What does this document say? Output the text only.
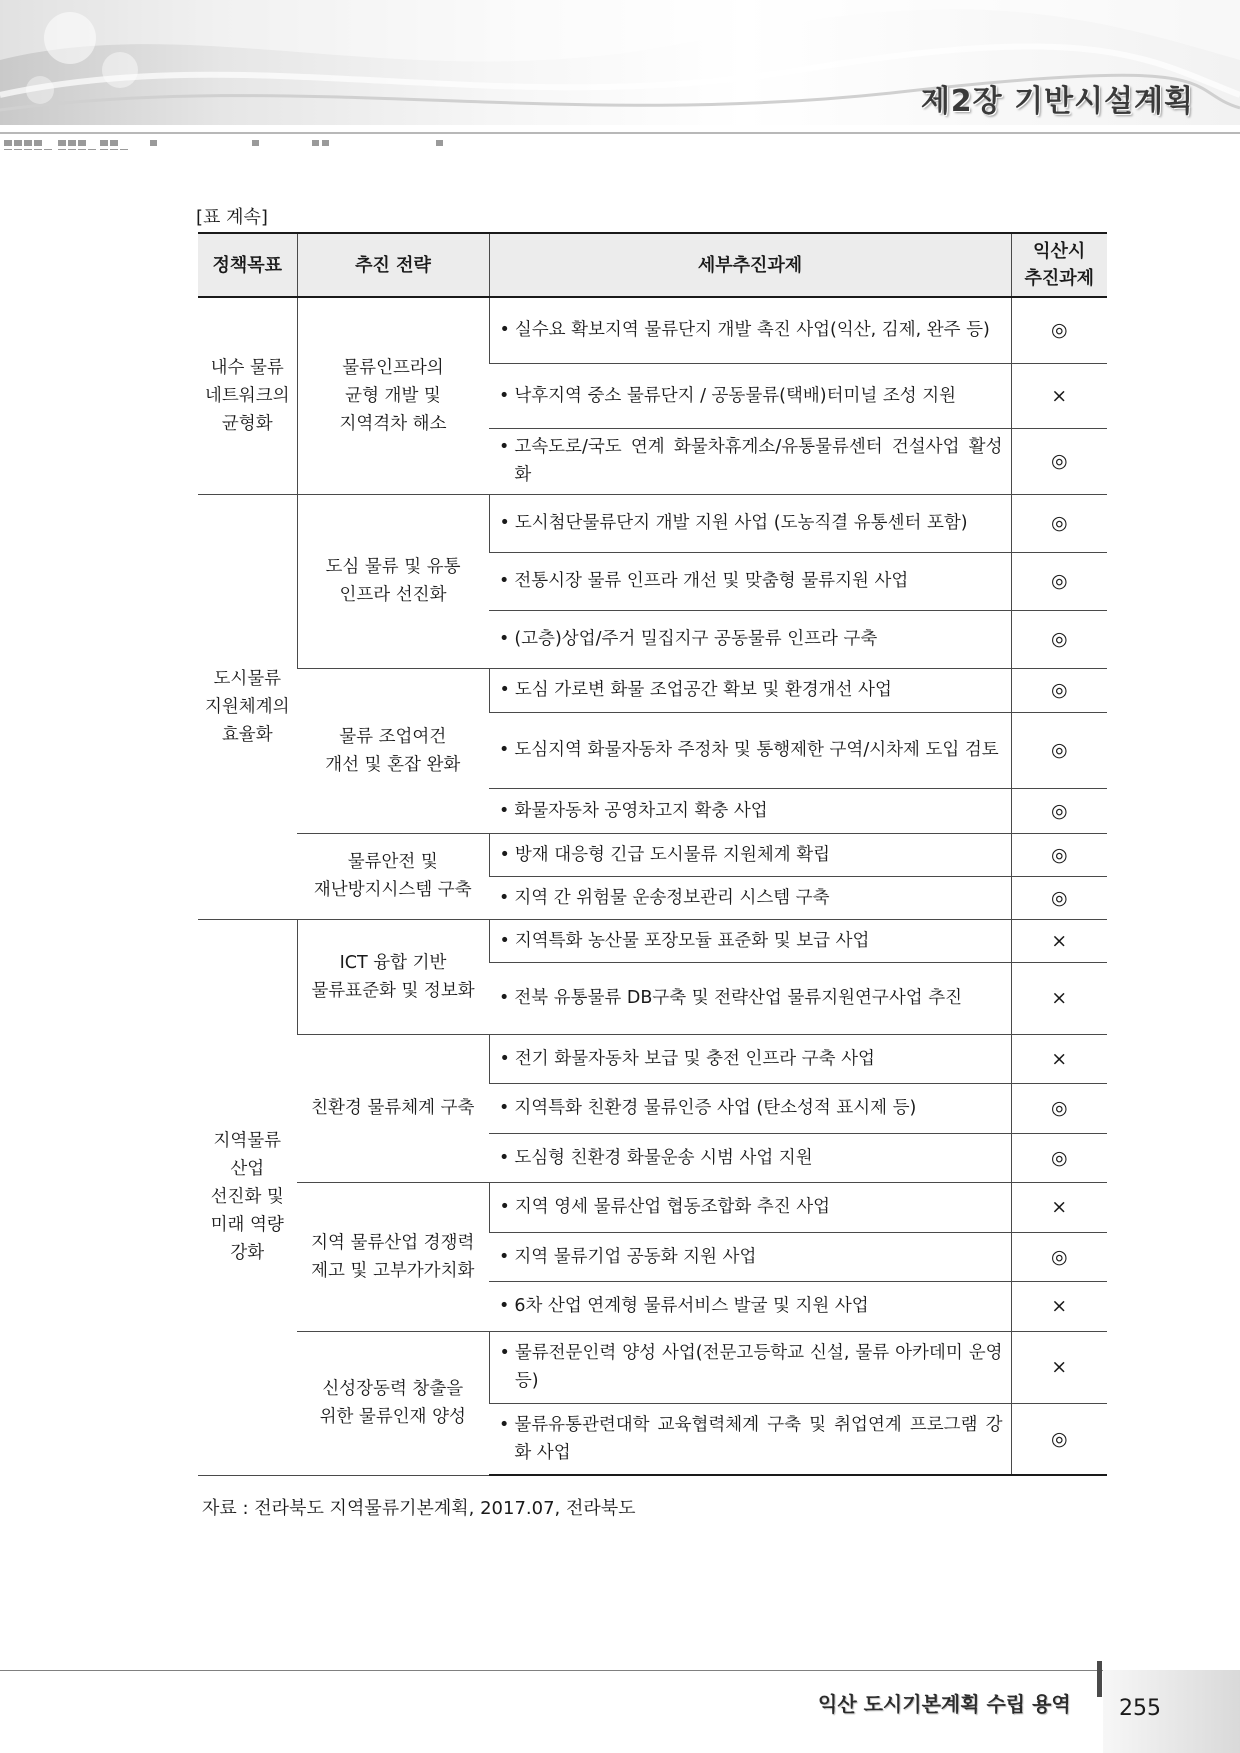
제2장 기반시설계획
[표 계속]
정책목표	추진 전략	세부추진과제	익산시
추진과제
내수 물류
네트워크의
균형화	물류인프라의
균형 개발 및
지역격차 해소	• 실수요 확보지역 물류단지 개발 촉진 사업(익산, 김제, 완주 등)	◎

		• 낙후지역 중소 물류단지 / 공동물류(택배)터미널 조성 지원	×

		• 고속도로/국도 연계 화물차휴게소/유통물류센터 건설사업 활성화	◎
도시물류
지원체계의
효율화	도심 물류 및 유통
인프라 선진화	• 도시첨단물류단지 개발 지원 사업 (도농직결 유통센터 포함)	◎

		• 전통시장 물류 인프라 개선 및 맞춤형 물류지원 사업	◎

		• (고층)상업/주거 밀집지구 공동물류 인프라 구축	◎
	물류 조업여건
개선 및 혼잡 완화	• 도심 가로변 화물 조업공간 확보 및 환경개선 사업	◎

		• 도심지역 화물자동차 주정차 및 통행제한 구역/시차제 도입 검토	◎

		• 화물자동차 공영차고지 확충 사업	◎
	물류안전 및
재난방지시스템 구축	• 방재 대응형 긴급 도시물류 지원체계 확립	◎

		• 지역 간 위험물 운송정보관리 시스템 구축	◎
지역물류
산업
선진화 및
미래 역량
강화	ICT 융합 기반
물류표준화 및 정보화	• 지역특화 농산물 포장모듈 표준화 및 보급 사업	×

		• 전북 유통물류 DB구축 및 전략산업 물류지원연구사업 추진	×
	친환경 물류체계 구축	• 전기 화물자동차 보급 및 충전 인프라 구축 사업	×

		• 지역특화 친환경 물류인증 사업 (탄소성적 표시제 등)	◎

		• 도심형 친환경 화물운송 시범 사업 지원	◎
	지역 물류산업 경쟁력
제고 및 고부가가치화	• 지역 영세 물류산업 협동조합화 추진 사업	×

		• 지역 물류기업 공동화 지원 사업	◎

		• 6차 산업 연계형 물류서비스 발굴 및 지원 사업	×
	신성장동력 창출을
위한 물류인재 양성	• 물류전문인력 양성 사업(전문고등학교 신설, 물류 아카데미 운영 등)	×

		• 물류유통관련대학 교육협력체계 구축 및 취업연계 프로그램 강화 사업	◎
자료 : 전라북도 지역물류기본계획, 2017.07, 전라북도
익산 도시기본계획 수립 용역 255
